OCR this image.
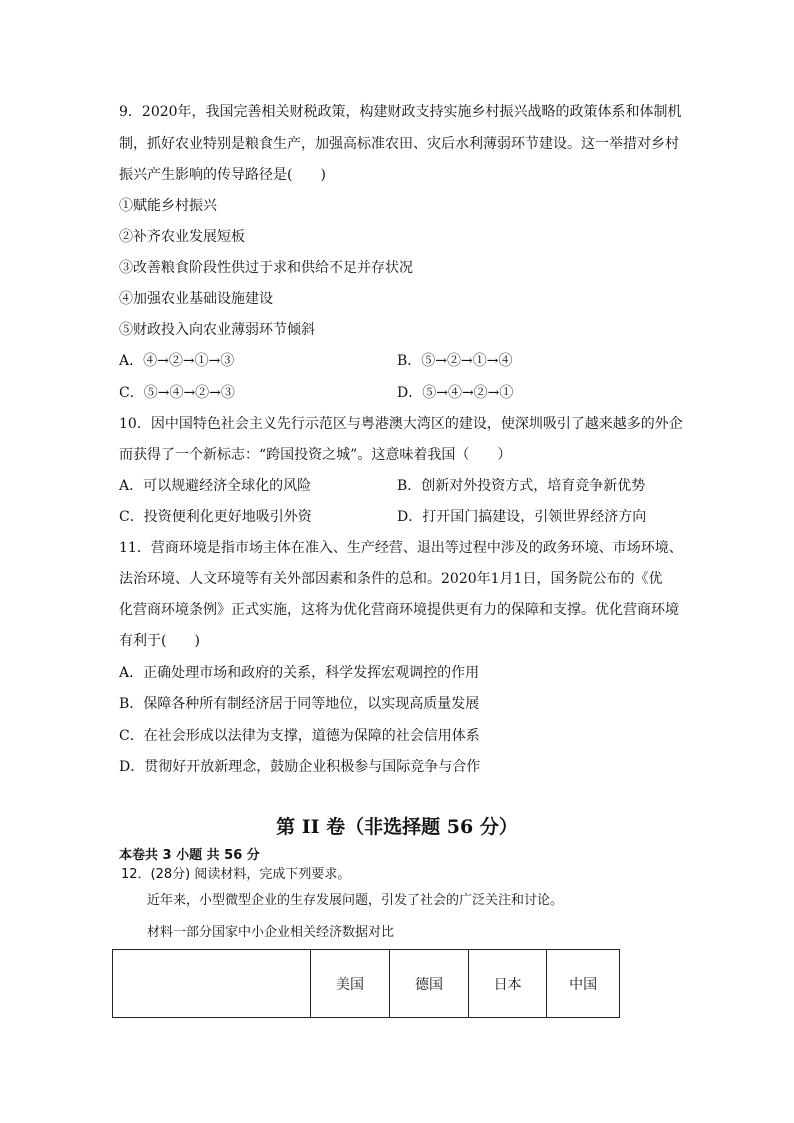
9．2020年，我国完善相关财税政策，构建财政支持实施乡村振兴战略的政策体系和体制机
制，抓好农业特别是粮食生产，加强高标准农田、灾后水利薄弱环节建设。这一举措对乡村
振兴产生影响的传导路径是(　　)
①赋能乡村振兴
②补齐农业发展短板
③改善粮食阶段性供过于求和供给不足并存状况
④加强农业基础设施建设
⑤财政投入向农业薄弱环节倾斜
A．④→②→①→③	B．⑤→②→①→④
C．⑤→④→②→③	D．⑤→④→②→①
10．因中国特色社会主义先行示范区与粤港澳大湾区的建设，使深圳吸引了越来越多的外企
而获得了一个新标志：“跨国投资之城”。这意味着我国（　　）
A．可以规避经济全球化的风险	B．创新对外投资方式，培育竞争新优势
C．投资便利化更好地吸引外资	D．打开国门搞建设，引领世界经济方向
11．营商环境是指市场主体在准入、生产经营、退出等过程中涉及的政务环境、市场环境、
法治环境、人文环境等有关外部因素和条件的总和。2020年1月1日，国务院公布的《优
化营商环境条例》正式实施，这将为优化营商环境提供更有力的保障和支撑。优化营商环境
有利于(　　)
A．正确处理市场和政府的关系，科学发挥宏观调控的作用
B．保障各种所有制经济居于同等地位，以实现高质量发展
C．在社会形成以法律为支撑，道德为保障的社会信用体系
D．贯彻好开放新理念，鼓励企业积极参与国际竞争与合作
第 II 卷（非选择题 56 分）
本卷共 3 小题 共 56 分
12．(28分) 阅读材料，完成下列要求。
近年来，小型微型企业的生存发展问题，引发了社会的广泛关注和讨论。
材料一部分国家中小企业相关经济数据对比
	美国	德国	日本	中国
